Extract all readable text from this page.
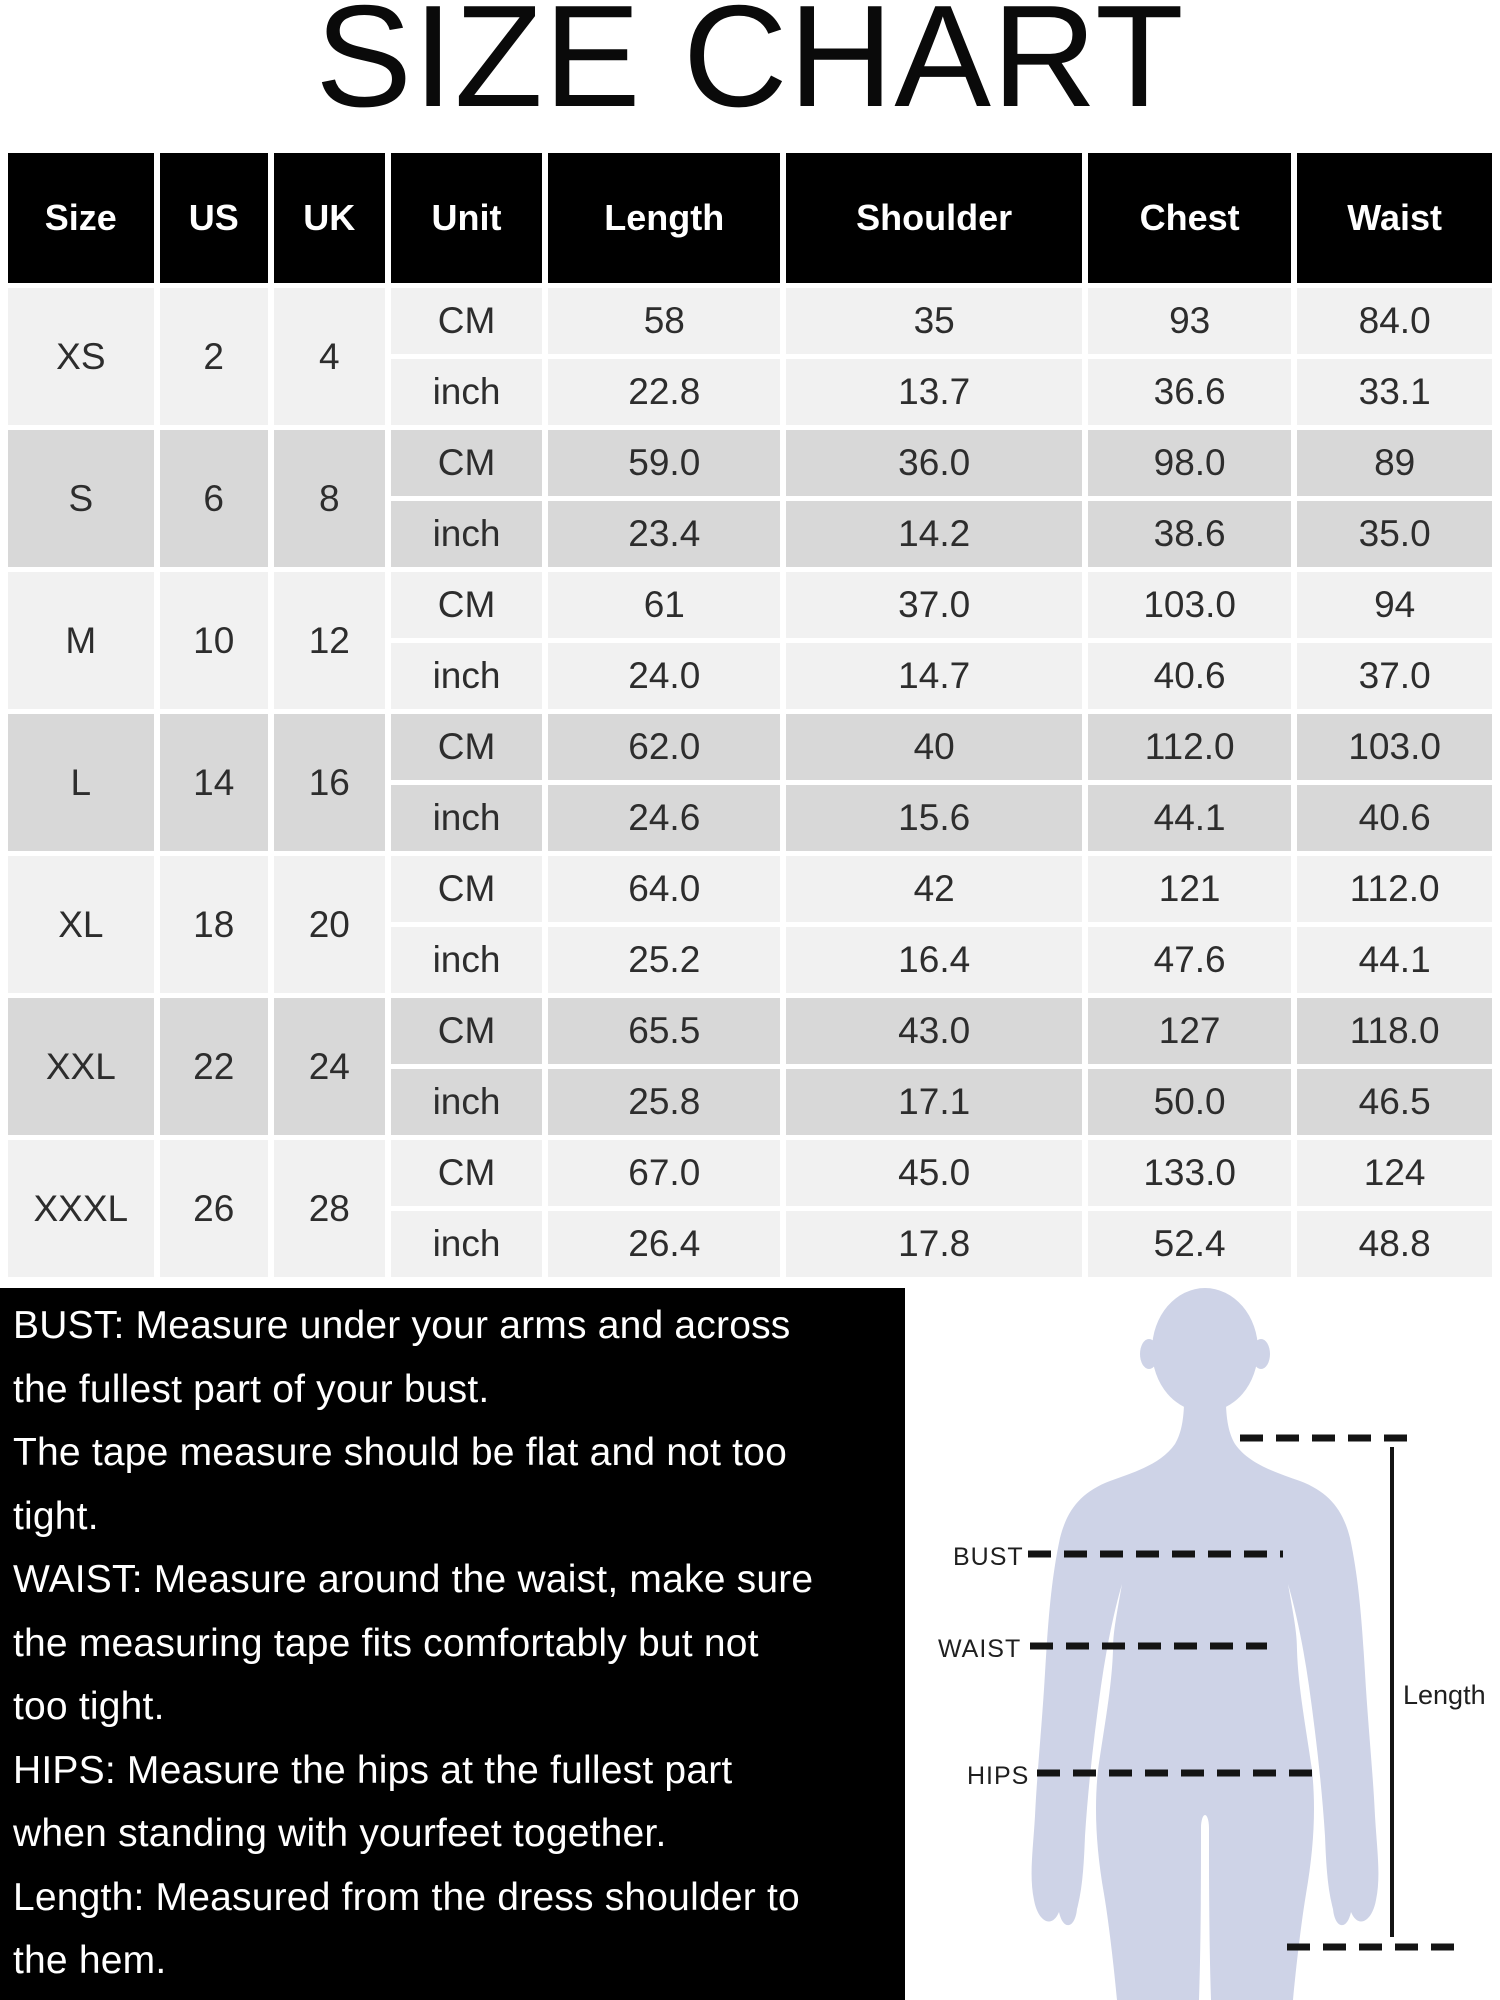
SIZE CHART
Size	US	UK	Unit	Length	Shoulder	Chest	Waist
XS	2	4	CM	58	35	93	84.0
			inch	22.8	13.7	36.6	33.1
S	6	8	CM	59.0	36.0	98.0	89
			inch	23.4	14.2	38.6	35.0
M	10	12	CM	61	37.0	103.0	94
			inch	24.0	14.7	40.6	37.0
L	14	16	CM	62.0	40	112.0	103.0
			inch	24.6	15.6	44.1	40.6
XL	18	20	CM	64.0	42	121	112.0
			inch	25.2	16.4	47.6	44.1
XXL	22	24	CM	65.5	43.0	127	118.0
			inch	25.8	17.1	50.0	46.5
XXXL	26	28	CM	67.0	45.0	133.0	124
			inch	26.4	17.8	52.4	48.8
BUST: Measure under your arms and across
the fullest part of your bust.
The tape measure should be flat and not too
tight.
WAIST: Measure around the waist, make sure
the measuring tape fits comfortably but not
too tight.
HIPS: Measure the hips at the fullest part
when standing with yourfeet together.
Length: Measured from the dress shoulder to
the hem.
BUST
WAIST
HIPS
Length
